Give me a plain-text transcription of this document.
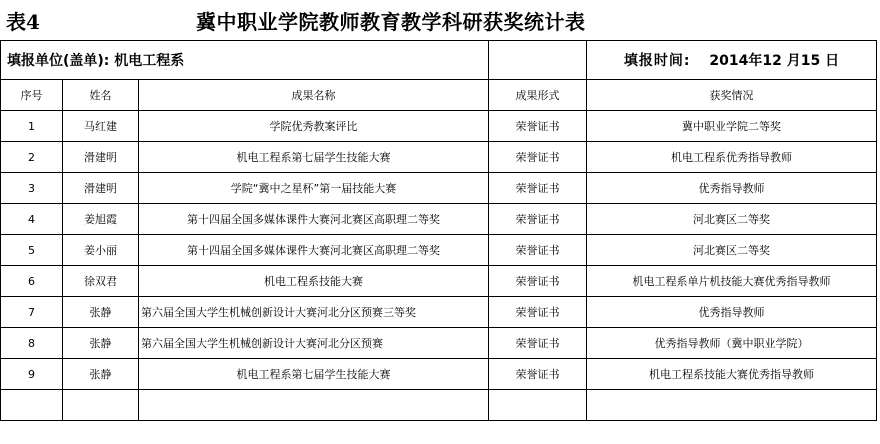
表4	冀中职业学院教师教育教学科研获奖统计表
填报单位(盖单): 机电工程系				填报时间: 2014年12 月15 日
序号	姓名	成果名称	成果形式	获奖情况
1	马红建	学院优秀教案评比	荣誉证书	冀中职业学院二等奖
2	滑建明	机电工程系第七届学生技能大赛	荣誉证书	机电工程系优秀指导教师
3	滑建明	学院“冀中之星杯”第一届技能大赛	荣誉证书	优秀指导教师
4	姜旭霞	第十四届全国多媒体课件大赛河北赛区高职理二等奖	荣誉证书	河北赛区二等奖
5	姜小丽	第十四届全国多媒体课件大赛河北赛区高职理二等奖	荣誉证书	河北赛区二等奖
6	徐双君	机电工程系技能大赛	荣誉证书	机电工程系单片机技能大赛优秀指导教师
7	张静	第六届全国大学生机械创新设计大赛河北分区预赛三等奖	荣誉证书	优秀指导教师
8	张静	第六届全国大学生机械创新设计大赛河北分区预赛	荣誉证书	优秀指导教师（冀中职业学院）
9	张静	机电工程系第七届学生技能大赛	荣誉证书	机电工程系技能大赛优秀指导教师
